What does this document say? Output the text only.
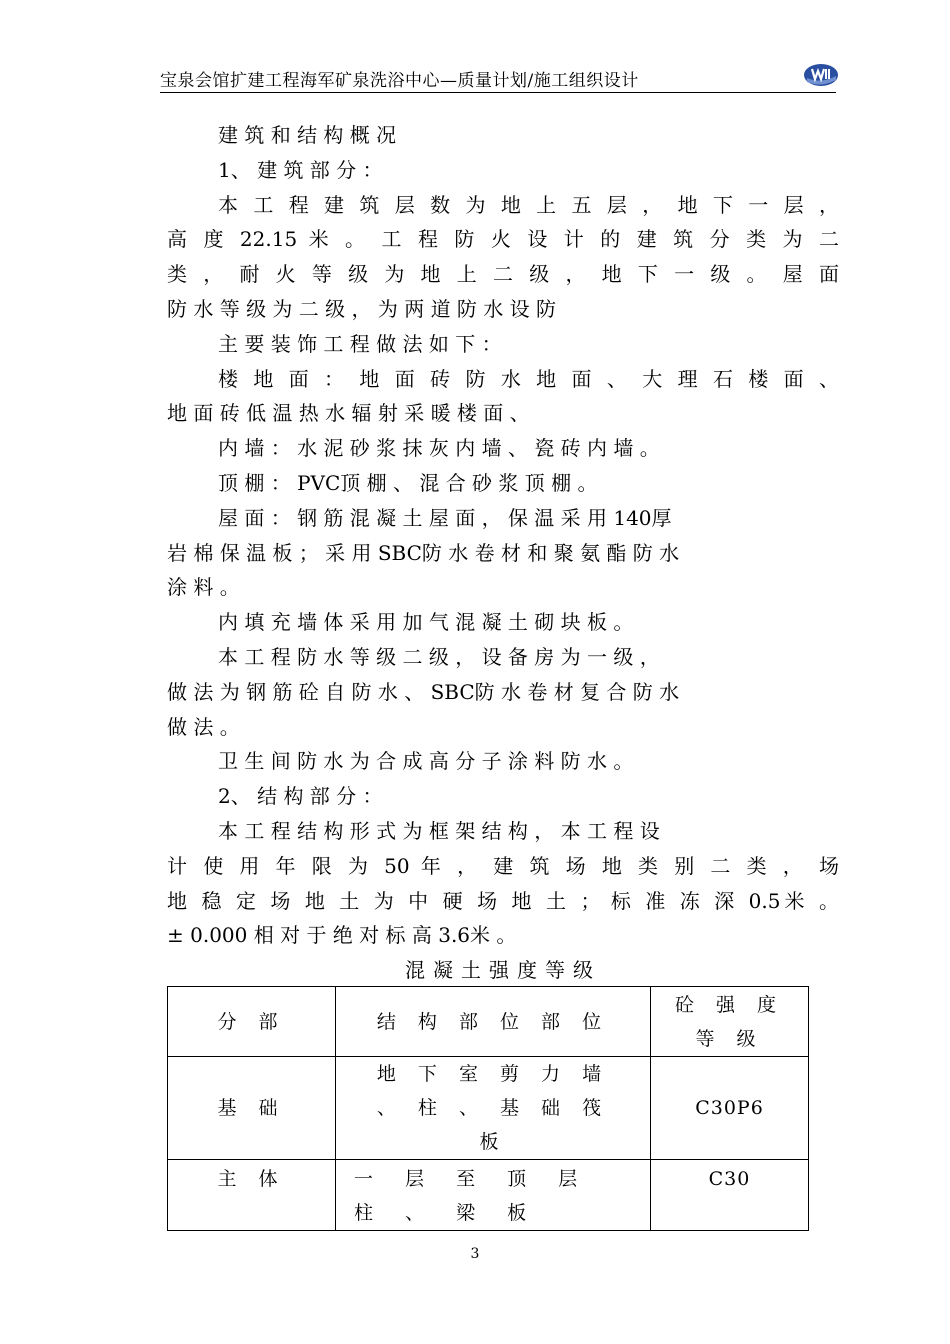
宝泉会馆扩建工程海军矿泉洗浴中心—质量计划/施工组织设计
建 筑 和 结 构 概 况
1、 建 筑 部 分 ：
本 工 程 建 筑 层 数 为 地 上 五 层 ， 地 下 一 层 ，
高 度 22.15 米 。 工 程 防 火 设 计 的 建 筑 分 类 为 二
类 ， 耐 火 等 级 为 地 上 二 级 ， 地 下 一 级 。 屋 面
防 水 等 级 为 二 级 ， 为 两 道 防 水 设 防
主 要 装 饰 工 程 做 法 如 下 ：
楼 地 面 ： 地 面 砖 防 水 地 面 、 大 理 石 楼 面 、
地 面 砖 低 温 热 水 辐 射 采 暖 楼 面 、
内 墙 ： 水 泥 砂 浆 抹 灰 内 墙 、 瓷 砖 内 墙 。
顶 棚 ： PVC顶 棚 、 混 合 砂 浆 顶 棚 。
屋 面 ： 钢 筋 混 凝 土 屋 面 ， 保 温 采 用 140厚
岩 棉 保 温 板 ； 采 用 SBC防 水 卷 材 和 聚 氨 酯 防 水
涂 料 。
内 填 充 墙 体 采 用 加 气 混 凝 土 砌 块 板 。
本 工 程 防 水 等 级 二 级 ， 设 备 房 为 一 级 ，
做 法 为 钢 筋 砼 自 防 水 、 SBC防 水 卷 材 复 合 防 水
做 法 。
卫 生 间 防 水 为 合 成 高 分 子 涂 料 防 水 。
2、 结 构 部 分 ：
本 工 程 结 构 形 式 为 框 架 结 构 ， 本 工 程 设
计 使 用 年 限 为 50 年 ， 建 筑 场 地 类 别 二 类 ， 场
地 稳 定 场 地 土 为 中 硬 场 地 土 ； 标 准 冻 深 0.5米 。
± 0.000 相 对 于 绝 对 标 高 3.6米 。
混凝土强度等级
分 部	结 构 部 位 部 位	砼 强 度 等 级

基 础	地 下 室 剪 力 墙 、 柱 、 基 础 筏 板	C30P6

主 体	一 层 至 顶 层 柱 、 梁 板	C30
3
